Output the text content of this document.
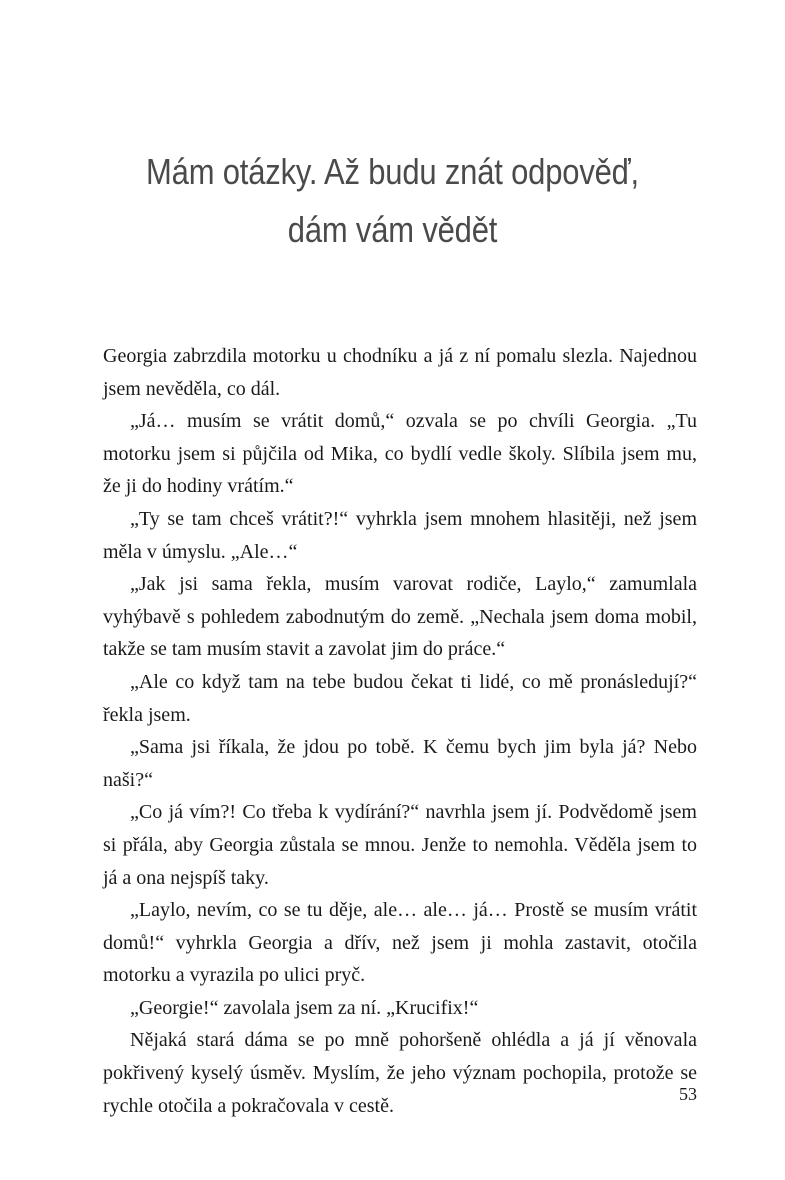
Mám otázky. Až budu znát odpověď,
dám vám vědět

Georgia zabrzdila motorku u chodníku a já z ní pomalu slezla. Najednou jsem nevěděla, co dál.

„Já… musím se vrátit domů,“ ozvala se po chvíli Georgia. „Tu motorku jsem si půjčila od Mika, co bydlí vedle školy. Slíbila jsem mu, že ji do hodiny vrátím.“

„Ty se tam chceš vrátit?!“ vyhrkla jsem mnohem hlasitěji, než jsem měla v úmyslu. „Ale…“

„Jak jsi sama řekla, musím varovat rodiče, Laylo,“ zamumlala vyhýbavě s pohledem zabodnutým do země. „Nechala jsem doma mobil, takže se tam musím stavit a zavolat jim do práce.“

„Ale co když tam na tebe budou čekat ti lidé, co mě pronásledují?“ řekla jsem.

„Sama jsi říkala, že jdou po tobě. K čemu bych jim byla já? Nebo naši?“

„Co já vím?! Co třeba k vydírání?“ navrhla jsem jí. Podvědomě jsem si přála, aby Georgia zůstala se mnou. Jenže to nemohla. Věděla jsem to já a ona nejspíš taky.

„Laylo, nevím, co se tu děje, ale… ale… já… Prostě se musím vrátit domů!“ vyhrkla Georgia a dřív, než jsem ji mohla zastavit, otočila motorku a vyrazila po ulici pryč.

„Georgie!“ zavolala jsem za ní. „Krucifix!“

Nějaká stará dáma se po mně pohoršeně ohlédla a já jí věnovala pokřivený kyselý úsměv. Myslím, že jeho význam pochopila, protože se rychle otočila a pokračovala v cestě.

53
